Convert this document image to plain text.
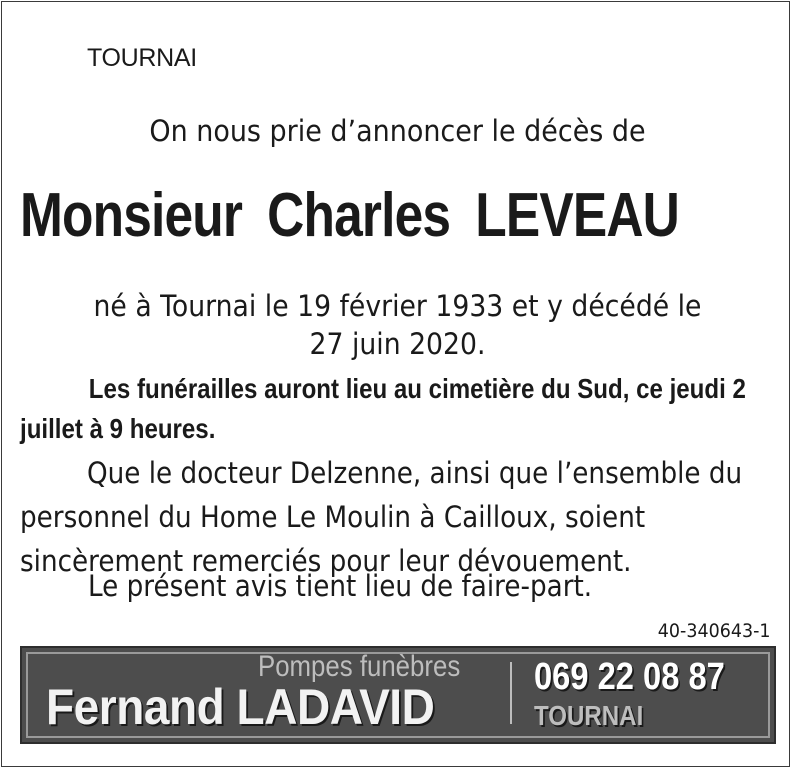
TOURNAI
On nous prie d’annoncer le décès de
Monsieur Charles LEVEAU
né à Tournai le 19 février 1933 et y décédé le
27 juin 2020.
Les funérailles auront lieu au cimetière du Sud, ce jeudi 2 juillet à 9 heures.
Que le docteur Delzenne, ainsi que l’ensemble du personnel du Home Le Moulin à Cailloux, soient sincèrement remerciés pour leur dévouement.
Le présent avis tient lieu de faire-part.
40-340643-1
Pompes funèbres
Fernand LADAVID
069 22 08 87
TOURNAI
